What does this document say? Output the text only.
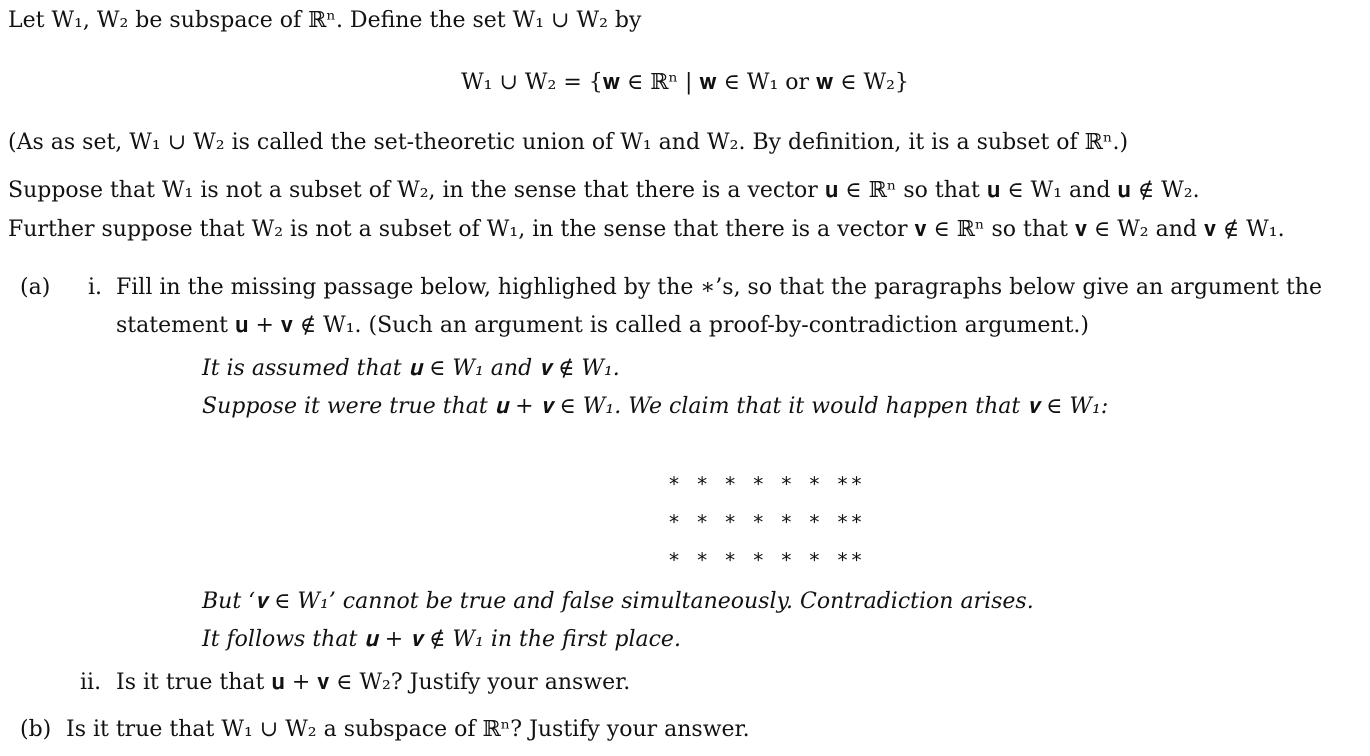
Let W₁, W₂ be subspace of ℝⁿ. Define the set W₁ ∪ W₂ by
W₁ ∪ W₂ = {𝐰 ∈ ℝⁿ | 𝐰 ∈ W₁ or 𝐰 ∈ W₂}
(As as set, W₁ ∪ W₂ is called the set-theoretic union of W₁ and W₂. By definition, it is a subset of ℝⁿ.)
Suppose that W₁ is not a subset of W₂, in the sense that there is a vector 𝐮 ∈ ℝⁿ so that 𝐮 ∈ W₁ and 𝐮 ∉ W₂.
Further suppose that W₂ is not a subset of W₁, in the sense that there is a vector 𝐯 ∈ ℝⁿ so that 𝐯 ∈ W₂ and 𝐯 ∉ W₁.
(a) i. Fill in the missing passage below, highlighed by the ∗’s, so that the paragraphs below give an argument the
statement 𝐮 + 𝐯 ∉ W₁. (Such an argument is called a proof-by-contradiction argument.)
It is assumed that 𝐮 ∈ W₁ and 𝐯 ∉ W₁.
Suppose it were true that 𝐮 + 𝐯 ∈ W₁. We claim that it would happen that 𝐯 ∈ W₁:
∗ ∗ ∗ ∗ ∗ ∗ ∗∗
∗ ∗ ∗ ∗ ∗ ∗ ∗∗
∗ ∗ ∗ ∗ ∗ ∗ ∗∗
But ‘𝐯 ∈ W₁’ cannot be true and false simultaneously. Contradiction arises.
It follows that 𝐮 + 𝐯 ∉ W₁ in the first place.
ii. Is it true that 𝐮 + 𝐯 ∈ W₂? Justify your answer.
(b) Is it true that W₁ ∪ W₂ a subspace of ℝⁿ? Justify your answer.
